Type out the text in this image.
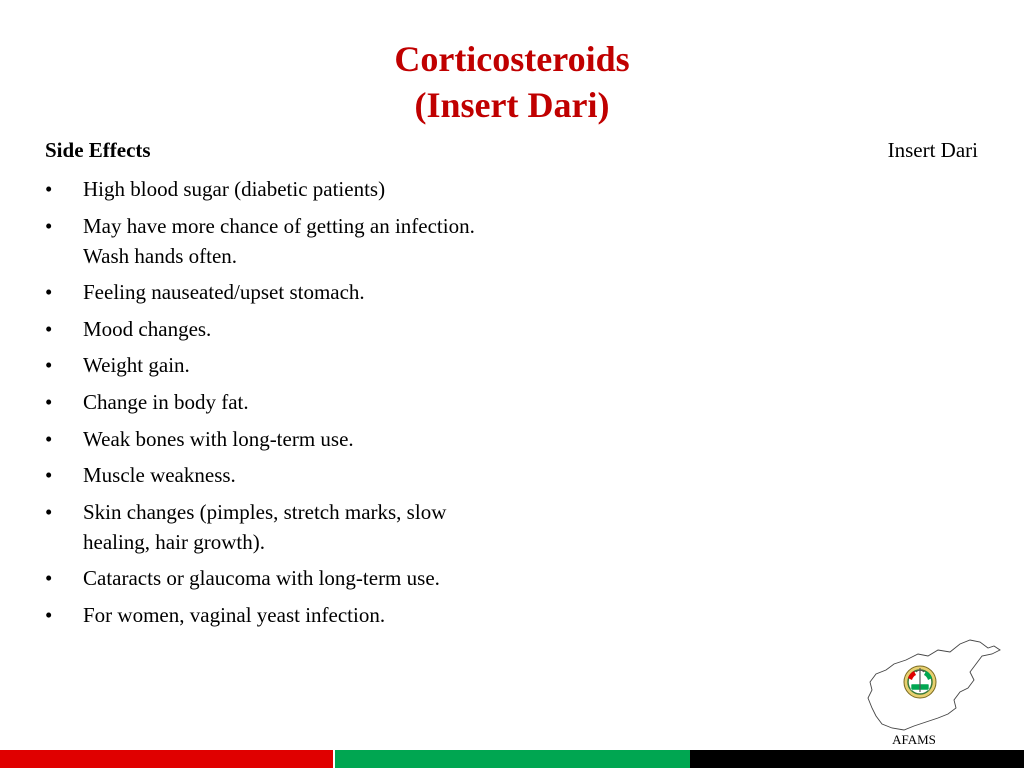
Corticosteroids
(Insert Dari)
Side Effects	Insert Dari
• High blood sugar (diabetic patients)
• May have more chance of getting an infection. Wash hands often.
• Feeling nauseated/upset stomach.
• Mood changes.
• Weight gain.
• Change in body fat.
• Weak bones with long-term use.
• Muscle weakness.
• Skin changes (pimples, stretch marks, slow healing, hair growth).
• Cataracts or glaucoma with long-term use.
• For women, vaginal yeast infection.
AFAMS
